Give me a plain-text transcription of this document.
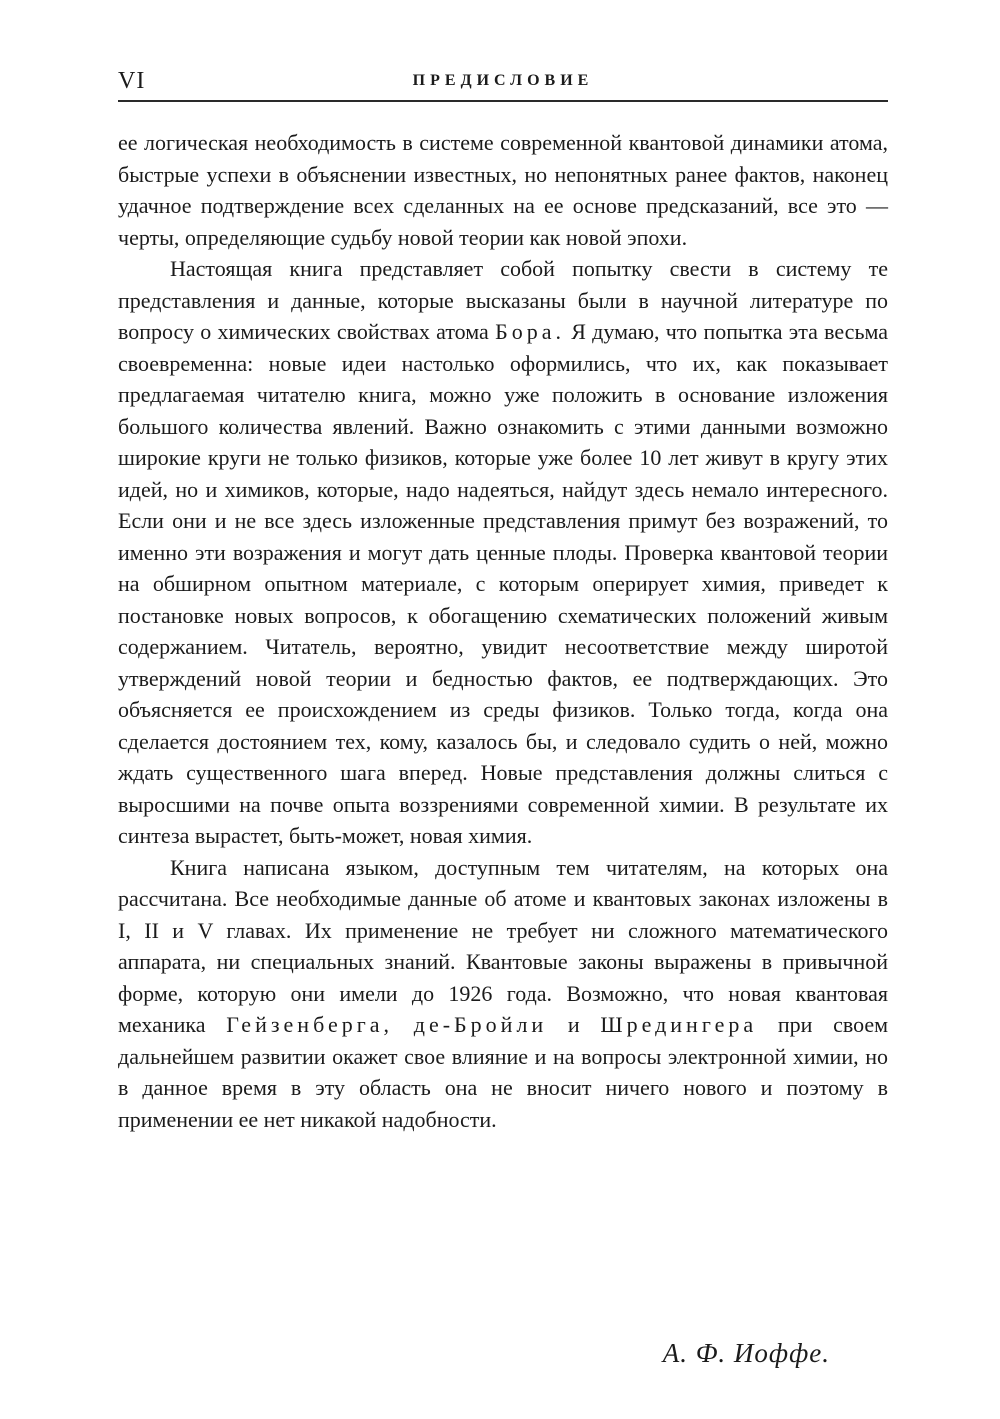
VI	ПРЕДИСЛОВИЕ

ее логическая необходимость в системе современной квантовой динамики атома, быстрые успехи в объяснении известных, но непонятных ранее фактов, наконец удачное подтверждение всех сделанных на ее основе предсказаний, все это — черты, определяющие судьбу новой теории как новой эпохи.

Настоящая книга представляет собой попытку свести в систему те представления и данные, которые высказаны были в научной литературе по вопросу о химических свойствах атома Бора. Я думаю, что попытка эта весьма своевременна: новые идеи настолько оформились, что их, как показывает предлагаемая читателю книга, можно уже положить в основание изложения большого количества явлений. Важно ознакомить с этими данными возможно широкие круги не только физиков, которые уже более 10 лет живут в кругу этих идей, но и химиков, которые, надо надеяться, найдут здесь немало интересного. Если они и не все здесь изложенные представления примут без возражений, то именно эти возражения и могут дать ценные плоды. Проверка квантовой теории на обширном опытном материале, с которым оперирует химия, приведет к постановке новых вопросов, к обогащению схематических положений живым содержанием. Читатель, вероятно, увидит несоответствие между широтой утверждений новой теории и бедностью фактов, ее подтверждающих. Это объясняется ее происхождением из среды физиков. Только тогда, когда она сделается достоянием тех, кому, казалось бы, и следовало судить о ней, можно ждать существенного шага вперед. Новые представления должны слиться с выросшими на почве опыта воззрениями современной химии. В результате их синтеза вырастет, быть-может, новая химия.

Книга написана языком, доступным тем читателям, на которых она рассчитана. Все необходимые данные об атоме и квантовых законах изложены в I, II и V главах. Их применение не требует ни сложного математического аппарата, ни специальных знаний. Квантовые законы выражены в привычной форме, которую они имели до 1926 года. Возможно, что новая квантовая механика Гейзенберга, де-Бройли и Шредингера при своем дальнейшем развитии окажет свое влияние и на вопросы электронной химии, но в данное время в эту область она не вносит ничего нового и поэтому в применении ее нет никакой надобности.

А. Ф. Иоффе.
